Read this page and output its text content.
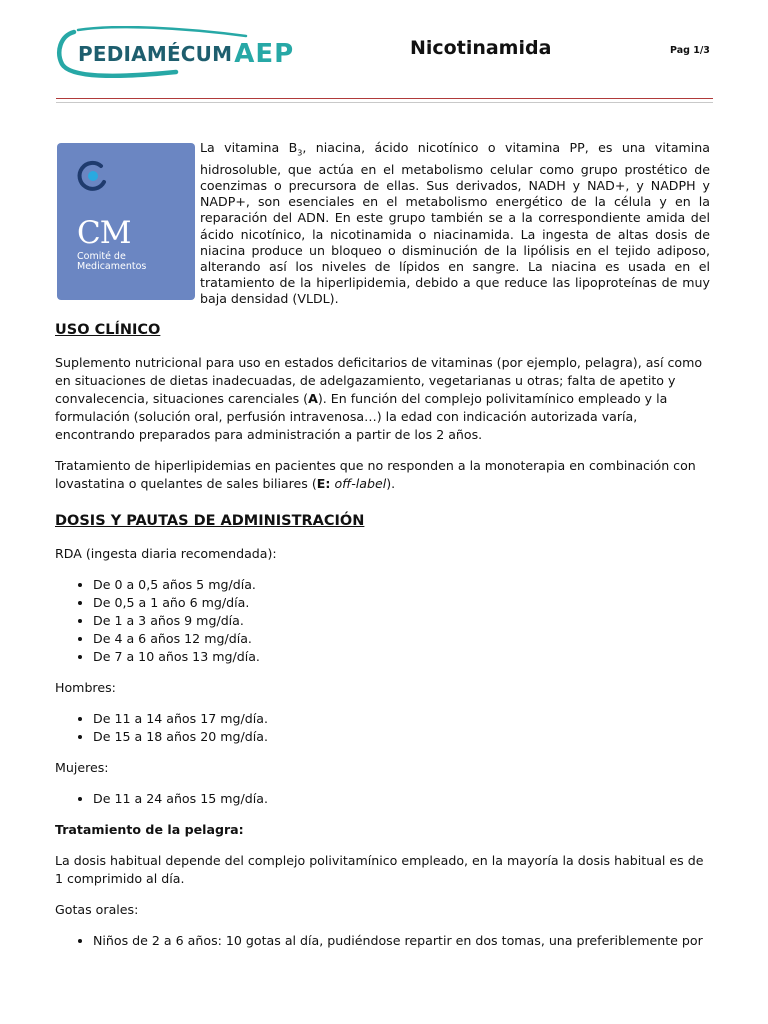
PEDIAMÉCUMAEP	Nicotinamida	Pag 1/3
CM
Comité de
Medicamentos
La vitamina $B_3$, niacina, ácido nicotínico o vitamina PP, es una vitamina hidrosoluble, que actúa en el metabolismo celular como grupo prostético de coenzimas o precursora de ellas. Sus derivados, NADH y NAD+, y NADPH y NADP+, son esenciales en el metabolismo energético de la célula y en la reparación del ADN. En este grupo también se a la correspondiente amida del ácido nicotínico, la nicotinamida o niacinamida. La ingesta de altas dosis de niacina produce un bloqueo o disminución de la lipólisis en el tejido adiposo, alterando así los niveles de lípidos en sangre. La niacina es usada en el tratamiento de la hiperlipidemia, debido a que reduce las lipoproteínas de muy baja densidad (VLDL).
USO CLÍNICO

Suplemento nutricional para uso en estados deficitarios de vitaminas (por ejemplo, pelagra), así como en situaciones de dietas inadecuadas, de adelgazamiento, vegetarianas u otras; falta de apetito y convalecencia, situaciones carenciales (A). En función del complejo polivitamínico empleado y la formulación (solución oral, perfusión intravenosa…) la edad con indicación autorizada varía, encontrando preparados para administración a partir de los 2 años.

Tratamiento de hiperlipidemias en pacientes que no responden a la monoterapia en combinación con lovastatina o quelantes de sales biliares (E: off-label).

DOSIS Y PAUTAS DE ADMINISTRACIÓN

RDA (ingesta diaria recomendada):

• De 0 a 0,5 años 5 mg/día.
• De 0,5 a 1 año 6 mg/día.
• De 1 a 3 años 9 mg/día.
• De 4 a 6 años 12 mg/día.
• De 7 a 10 años 13 mg/día.

Hombres:

• De 11 a 14 años 17 mg/día.
• De 15 a 18 años 20 mg/día.

Mujeres:

• De 11 a 24 años 15 mg/día.

Tratamiento de la pelagra:

La dosis habitual depende del complejo polivitamínico empleado, en la mayoría la dosis habitual es de 1 comprimido al día.

Gotas orales:

• Niños de 2 a 6 años: 10 gotas al día, pudiéndose repartir en dos tomas, una preferiblemente por
